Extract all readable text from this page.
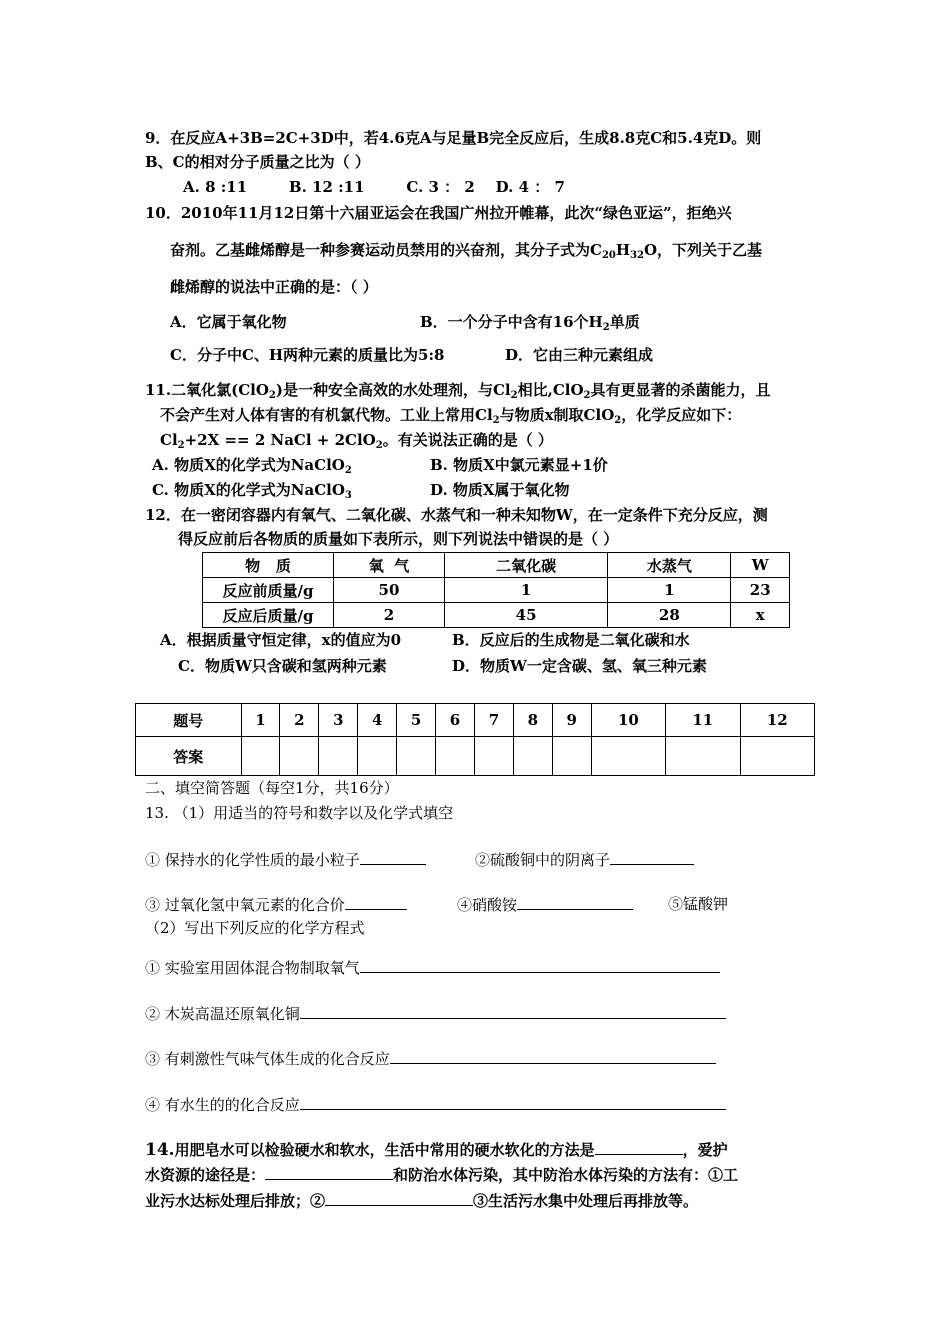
9．在反应A+3B=2C+3D中，若4.6克A与足量B完全反应后，生成8.8克C和5.4克D。则
B、C的相对分子质量之比为（ ）
A. 8 :11        B. 12 :11        C. 3 ： 2    D. 4 ： 7
10．2010年11月12日第十六届亚运会在我国广州拉开帷幕，此次“绿色亚运”，拒绝兴
奋剂。乙基雌烯醇是一种参赛运动员禁用的兴奋剂，其分子式为$C_{20}H_{32}O$，下列关于乙基
雌烯醇的说法中正确的是：（ ）
A．它属于氧化物	B．一个分子中含有16个$H_2$单质
C．分子中C、H两种元素的质量比为5:8	D．它由三种元素组成
11.二氧化氯(ClO$_2$)是一种安全高效的水处理剂，与$Cl_2$相比,ClO$_2$具有更显著的杀菌能力，且
不会产生对人体有害的有机氯代物。工业上常用$Cl_2$与物质x制取ClO$_2$，化学反应如下：
$Cl_2+2X == 2$ NaCl + 2ClO$_2$。有关说法正确的是（ ）
A. 物质X的化学式为NaClO$_2$	B. 物质X中氯元素显+1价
C. 物质X的化学式为NaClO$_3$	D. 物质X属于氧化物
12．在一密闭容器内有氧气、二氧化碳、水蒸气和一种未知物W，在一定条件下充分反应，测
得反应前后各物质的质量如下表所示，则下列说法中错误的是（ ）
物   质	氧  气	二氧化碳	水蒸气	W
反应前质量/g	50	1	1	23
反应后质量/g	2	45	28	x
A．根据质量守恒定律，x的值应为0	B．反应后的生成物是二氧化碳和水
C．物质W只含碳和氢两种元素	D．物质W一定含碳、氢、氧三种元素
题号	1	2	3	4	5	6	7	8	9	10	11	12
答案												
二、填空简答题（每空1分，共16分）
13. （1）用适当的符号和数字以及化学式填空
① 保持水的化学性质的最小粒子	②硫酸铜中的阴离子
③ 过氧化氢中氧元素的化合价	④硝酸铵	⑤锰酸钾
（2）写出下列反应的化学方程式
① 实验室用固体混合物制取氧气
② 木炭高温还原氧化铜
③ 有刺激性气味气体生成的化合反应
④ 有水生的的化合反应
14.用肥皂水可以检验硬水和软水，生活中常用的硬水软化的方法是	，爱护
水资源的途径是：	和防治水体污染，其中防治水体污染的方法有：①工
业污水达标处理后排放；②	③生活污水集中处理后再排放等。
